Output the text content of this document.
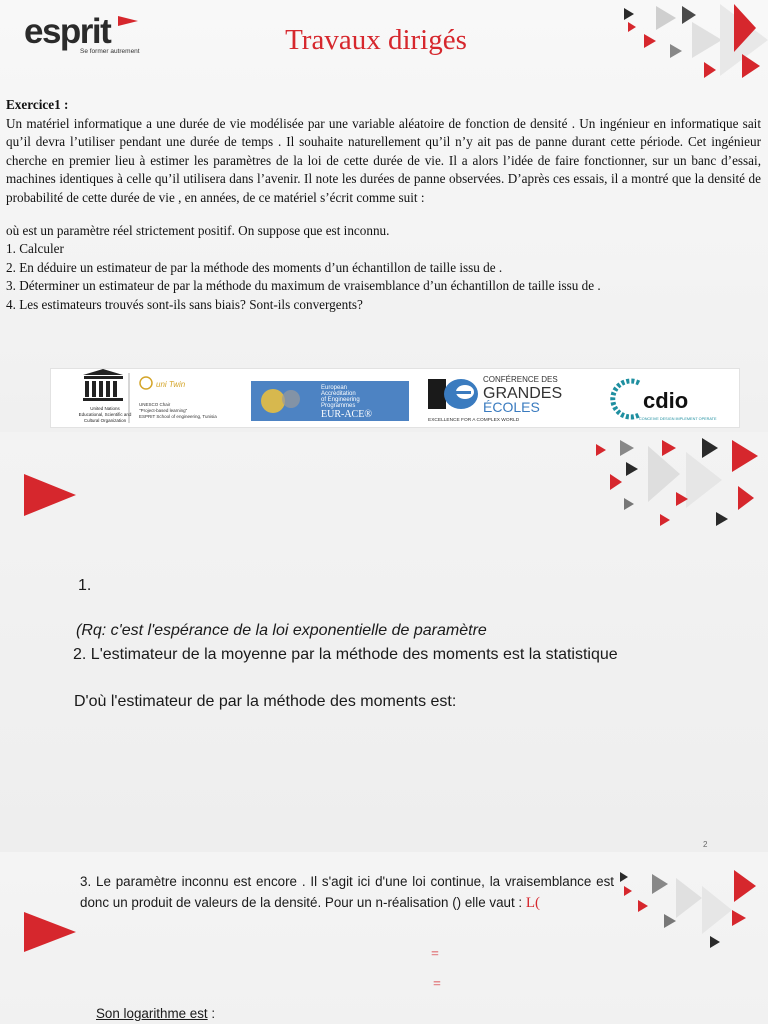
esprit
Se former autrement	Travaux dirigés
Exercice1 :

Un matériel informatique a une durée de vie modélisée par une variable aléatoire de fonction de densité . Un ingénieur en informatique sait qu’il devra l’utiliser pendant une durée de temps . Il souhaite naturellement qu’il n’y ait pas de panne durant cette période. Cet ingénieur cherche en premier lieu à estimer les paramètres de la loi de cette durée de vie. Il a alors l’idée de faire fonctionner, sur un banc d’essai, machines identiques à celle qu’il utilisera dans l’avenir. Il note les durées de panne observées. D’après ces essais, il a montré que la densité de probabilité de cette durée de vie , en années, de ce matériel s’écrit comme suit :

où est un paramètre réel strictement positif. On suppose que est inconnu.

1. Calculer

2. En déduire un estimateur de par la méthode des moments d’un échantillon de taille issu de .

3. Déterminer un estimateur de par la méthode du maximum de vraisemblance d’un échantillon de taille issu de .

4. Les estimateurs trouvés sont-ils sans biais? Sont-ils convergents?

United Nations
Educational, Scientific and
Cultural Organization
uni Twin
UNESCO Chair
"Project-based learning"
ESPRIT School of engineering, Tunisia
European
Accreditation
of Engineering
Programmes
EUR-ACE®
CONFÉRENCE DES
GRANDES
ÉCOLES
EXCELLENCE FOR A COMPLEX WORLD
cdio
CONCEIVE DESIGN IMPLEMENT OPERATE
1.
(Rq: c'est l'espérance de la loi exponentielle de paramètre
2. L'estimateur de la moyenne par la méthode des moments est la statistique
D'où l'estimateur de par la méthode des moments est:
2
3. Le paramètre inconnu est encore . Il s'agit ici d'une loi continue, la vraisemblance est donc un produit de valeurs de la densité. Pour un n-réalisation () elle vaut : L(
=
=
Son logarithme est :
